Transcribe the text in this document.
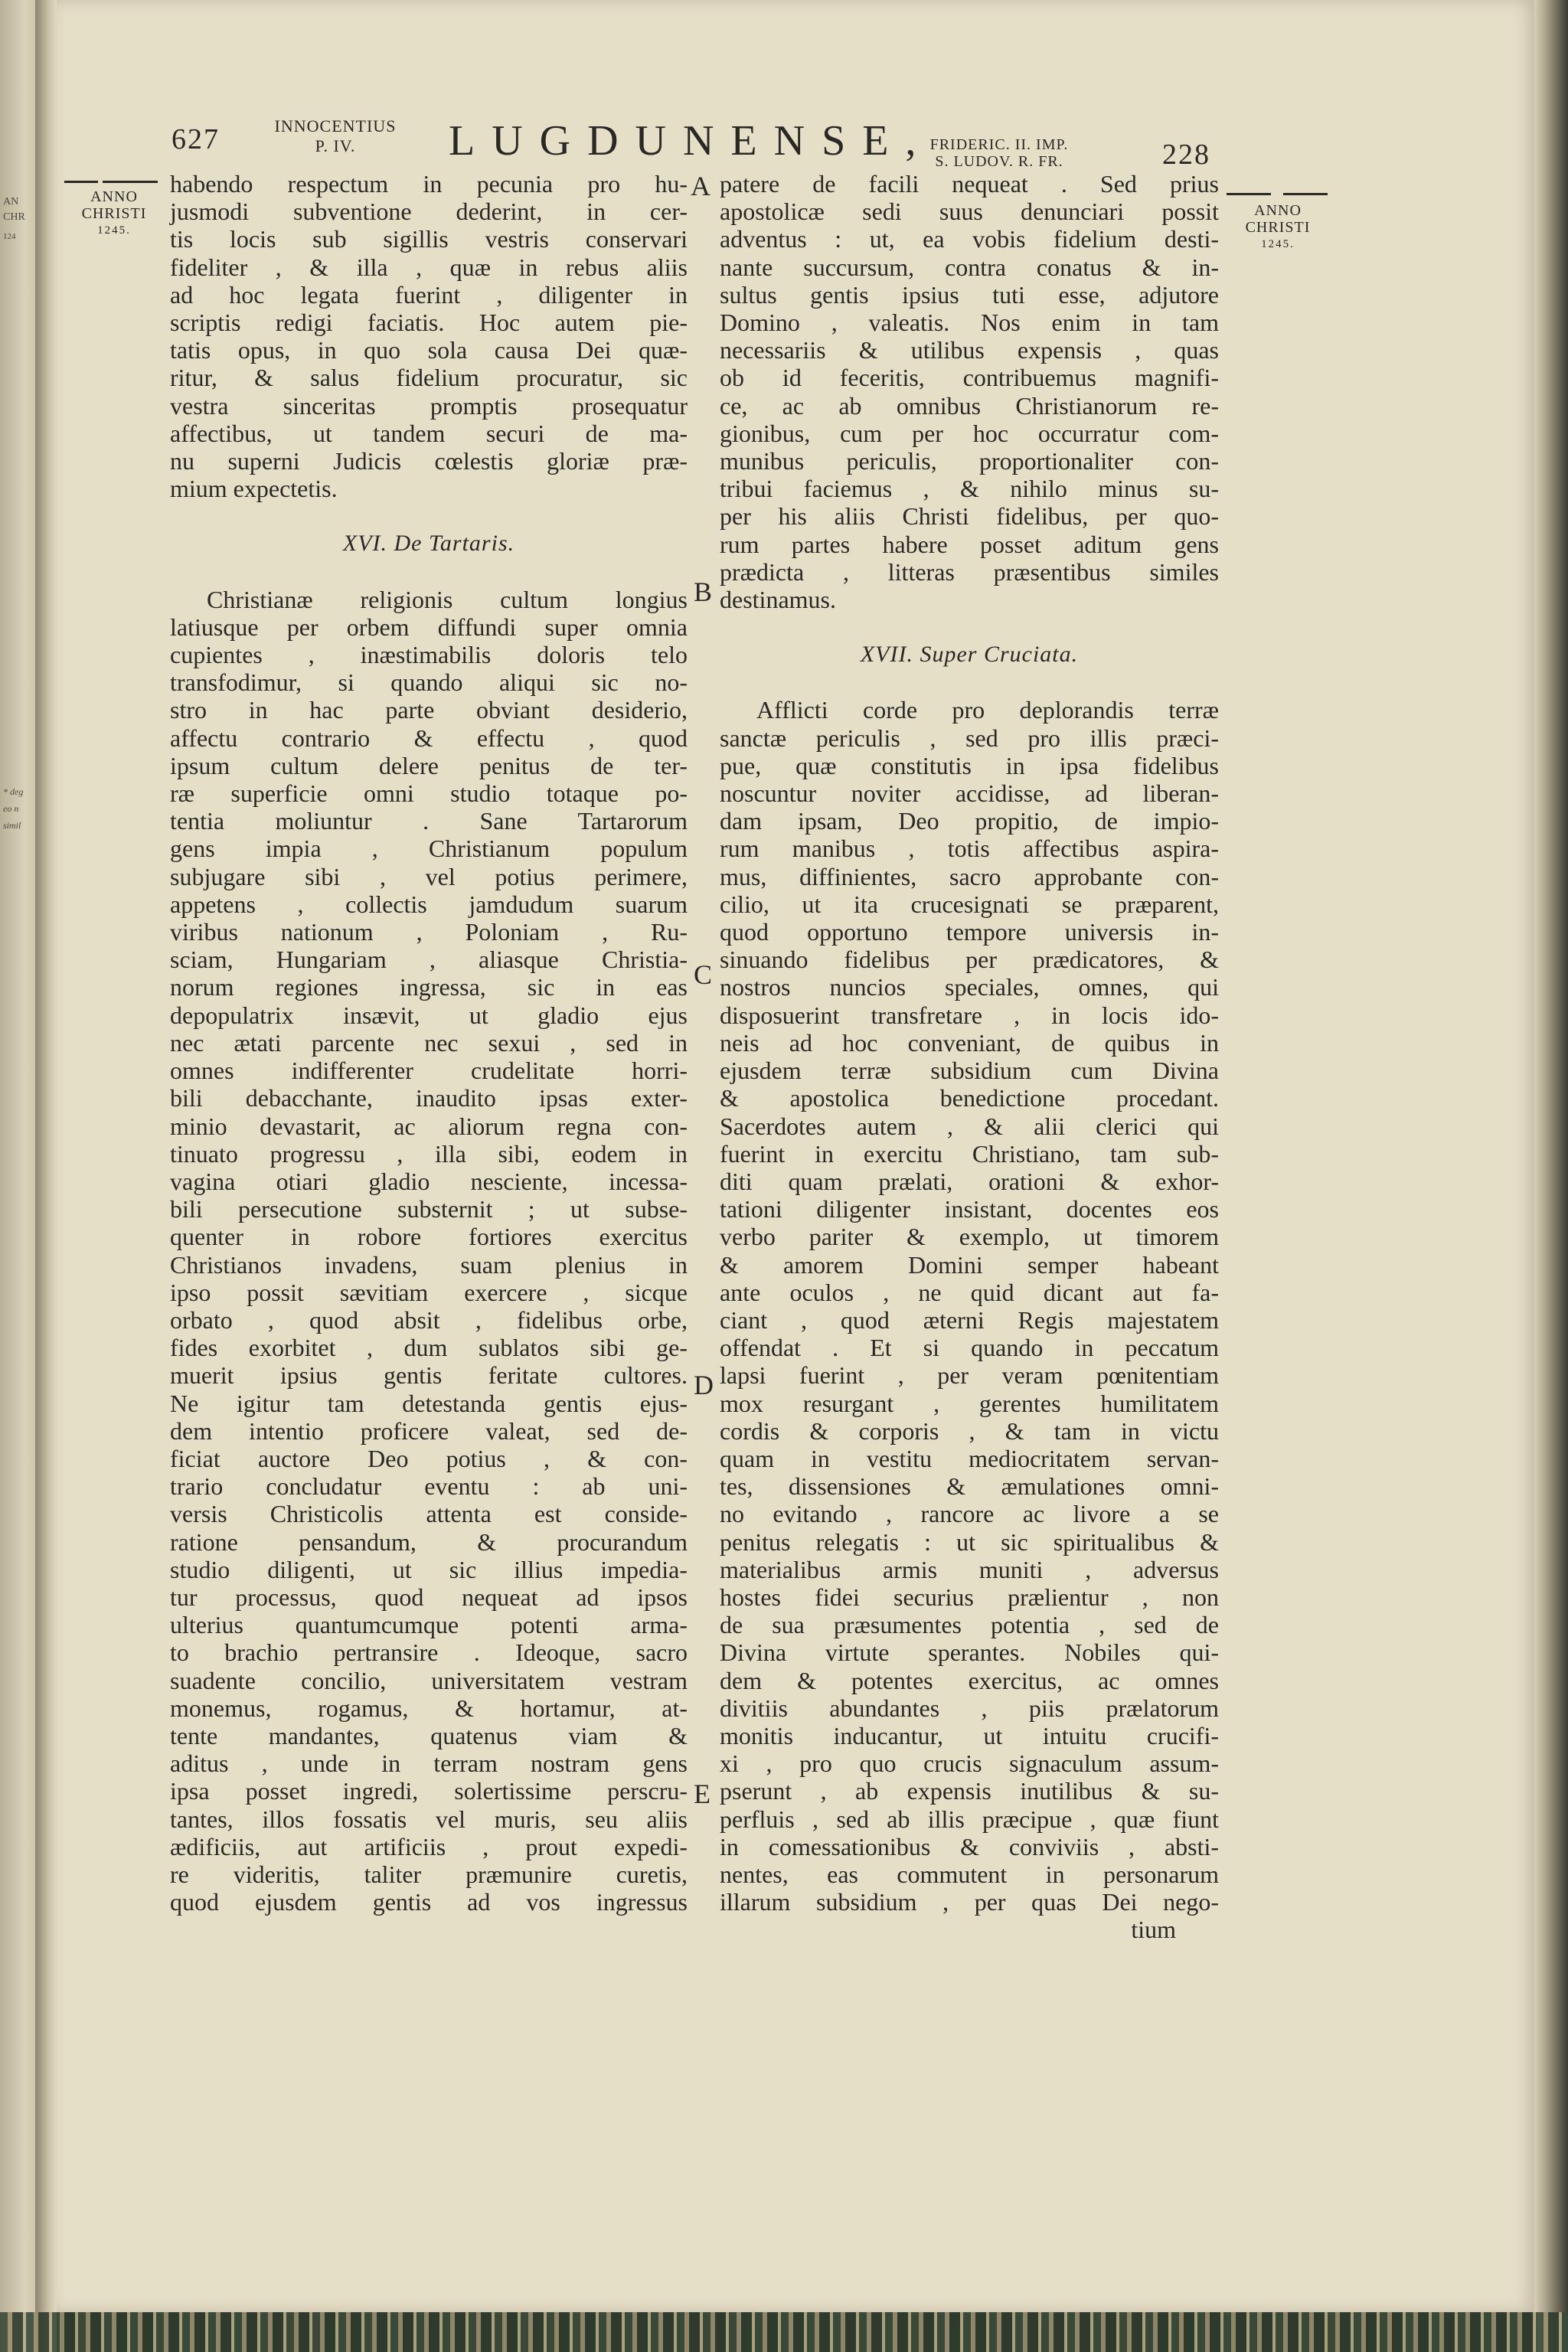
AN
CHR
124
* deg
eo n
simil
627	INNOCENTIUS
P. IV.	LUGDUNENSE,
FRIDERIC. II. IMP.
S. LUDOV. R. FR.	228
ANNO
CHRISTI
1245.
ANNO
CHRISTI
1245.
A
B
C
D
E
habendo respectum in pecunia pro hu-
jusmodi subventione dederint, in cer-
tis locis sub sigillis vestris conservari
fideliter , & illa , quæ in rebus aliis
ad hoc legata fuerint , diligenter in
scriptis redigi faciatis. Hoc autem pie-
tatis opus, in quo sola causa Dei quæ-
ritur, & salus fidelium procuratur, sic
vestra sinceritas promptis prosequatur
affectibus, ut tandem securi de ma-
nu superni Judicis cœlestis gloriæ præ-
mium expectetis.
XVI. De Tartaris.
Christianæ religionis cultum longius
latiusque per orbem diffundi super omnia
cupientes , inæstimabilis doloris telo
transfodimur, si quando aliqui sic no-
stro in hac parte obviant desiderio,
affectu contrario & effectu , quod
ipsum cultum delere penitus de ter-
ræ superficie omni studio totaque po-
tentia moliuntur . Sane Tartarorum
gens impia , Christianum populum
subjugare sibi , vel potius perimere,
appetens , collectis jamdudum suarum
viribus nationum , Poloniam , Ru-
sciam, Hungariam , aliasque Christia-
norum regiones ingressa, sic in eas
depopulatrix insævit, ut gladio ejus
nec ætati parcente nec sexui , sed in
omnes indifferenter crudelitate horri-
bili debacchante, inaudito ipsas exter-
minio devastarit, ac aliorum regna con-
tinuato progressu , illa sibi, eodem in
vagina otiari gladio nesciente, incessa-
bili persecutione substernit ; ut subse-
quenter in robore fortiores exercitus
Christianos invadens, suam plenius in
ipso possit sævitiam exercere , sicque
orbato , quod absit , fidelibus orbe,
fides exorbitet , dum sublatos sibi ge-
muerit ipsius gentis feritate cultores.
Ne igitur tam detestanda gentis ejus-
dem intentio proficere valeat, sed de-
ficiat auctore Deo potius , & con-
trario concludatur eventu : ab uni-
versis Christicolis attenta est conside-
ratione pensandum, & procurandum
studio diligenti, ut sic illius impedia-
tur processus, quod nequeat ad ipsos
ulterius quantumcumque potenti arma-
to brachio pertransire . Ideoque, sacro
suadente concilio, universitatem vestram
monemus, rogamus, & hortamur, at-
tente mandantes, quatenus viam &
aditus , unde in terram nostram gens
ipsa posset ingredi, solertissime perscru-
tantes, illos fossatis vel muris, seu aliis
ædificiis, aut artificiis , prout expedi-
re videritis, taliter præmunire curetis,
quod ejusdem gentis ad vos ingressus
patere de facili nequeat . Sed prius
apostolicæ sedi suus denunciari possit
adventus : ut, ea vobis fidelium desti-
nante succursum, contra conatus & in-
sultus gentis ipsius tuti esse, adjutore
Domino , valeatis. Nos enim in tam
necessariis & utilibus expensis , quas
ob id feceritis, contribuemus magnifi-
ce, ac ab omnibus Christianorum re-
gionibus, cum per hoc occurratur com-
munibus periculis, proportionaliter con-
tribui faciemus , & nihilo minus su-
per his aliis Christi fidelibus, per quo-
rum partes habere posset aditum gens
prædicta , litteras præsentibus similes
destinamus.
XVII. Super Cruciata.
Afflicti corde pro deplorandis terræ
sanctæ periculis , sed pro illis præci-
pue, quæ constitutis in ipsa fidelibus
noscuntur noviter accidisse, ad liberan-
dam ipsam, Deo propitio, de impio-
rum manibus , totis affectibus aspira-
mus, diffinientes, sacro approbante con-
cilio, ut ita crucesignati se præparent,
quod opportuno tempore universis in-
sinuando fidelibus per prædicatores, &
nostros nuncios speciales, omnes, qui
disposuerint transfretare , in locis ido-
neis ad hoc conveniant, de quibus in
ejusdem terræ subsidium cum Divina
& apostolica benedictione procedant.
Sacerdotes autem , & alii clerici qui
fuerint in exercitu Christiano, tam sub-
diti quam prælati, orationi & exhor-
tationi diligenter insistant, docentes eos
verbo pariter & exemplo, ut timorem
& amorem Domini semper habeant
ante oculos , ne quid dicant aut fa-
ciant , quod æterni Regis majestatem
offendat . Et si quando in peccatum
lapsi fuerint , per veram pœnitentiam
mox resurgant , gerentes humilitatem
cordis & corporis , & tam in victu
quam in vestitu mediocritatem servan-
tes, dissensiones & æmulationes omni-
no evitando , rancore ac livore a se
penitus relegatis : ut sic spiritualibus &
materialibus armis muniti , adversus
hostes fidei securius prælientur , non
de sua præsumentes potentia , sed de
Divina virtute sperantes. Nobiles qui-
dem & potentes exercitus, ac omnes
divitiis abundantes , piis prælatorum
monitis inducantur, ut intuitu crucifi-
xi , pro quo crucis signaculum assum-
pserunt , ab expensis inutilibus & su-
perfluis , sed ab illis præcipue , quæ fiunt
in comessationibus & conviviis , absti-
nentes, eas commutent in personarum
illarum subsidium , per quas Dei nego-
tium
